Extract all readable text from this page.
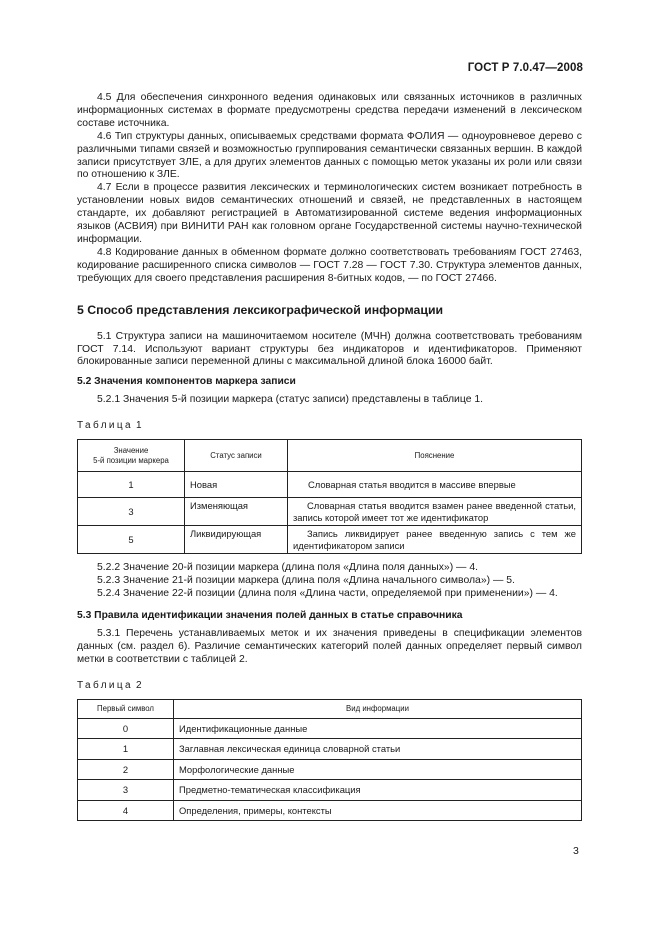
ГОСТ Р 7.0.47—2008

4.5 Для обеспечения синхронного ведения одинаковых или связанных источников в различных информационных системах в формате предусмотрены средства передачи изменений в лексическом составе источника.

4.6 Тип структуры данных, описываемых средствами формата ФОЛИЯ — одноуровневое дерево с различными типами связей и возможностью группирования семантически связанных вершин. В каждой записи присутствует ЗЛЕ, а для других элементов данных с помощью меток указаны их роли или связи по отношению к ЗЛЕ.

4.7 Если в процессе развития лексических и терминологических систем возникает потребность в установлении новых видов семантических отношений и связей, не представленных в настоящем стандарте, их добавляют регистрацией в Автоматизированной системе ведения информационных языков (АСВИЯ) при ВИНИТИ РАН как головном органе Государственной системы научно-технической информации.

4.8 Кодирование данных в обменном формате должно соответствовать требованиям ГОСТ 27463, кодирование расширенного списка символов — ГОСТ 7.28 — ГОСТ 7.30. Структура элементов данных, требующих для своего представления расширения 8-битных кодов, — по ГОСТ 27466.

5 Способ представления лексикографической информации

5.1 Структура записи на машиночитаемом носителе (МЧН) должна соответствовать требованиям ГОСТ 7.14. Используют вариант структуры без индикаторов и идентификаторов. Применяют блокированные записи переменной длины с максимальной длиной блока 16000 байт.

5.2 Значения компонентов маркера записи

5.2.1 Значения 5-й позиции маркера (статус записи) представлены в таблице 1.

Таблица 1
Значение
5-й позиции маркера	Статус записи	Пояснение
1	Новая	Словарная статья вводится в массиве впервые
3	Изменяющая	Словарная статья вводится взамен ранее введенной статьи, запись которой имеет тот же идентификатор
5	Ликвидирующая	Запись ликвидирует ранее введенную запись с тем же идентификатором записи

5.2.2 Значение 20-й позиции маркера (длина поля «Длина поля данных») — 4.

5.2.3 Значение 21-й позиции маркера (длина поля «Длина начального символа») — 5.

5.2.4 Значение 22-й позиции (длина поля «Длина части, определяемой при применении») — 4.

5.3 Правила идентификации значения полей данных в статье справочника

5.3.1 Перечень устанавливаемых меток и их значения приведены в спецификации элементов данных (см. раздел 6). Различие семантических категорий полей данных определяет первый символ метки в соответствии с таблицей 2.

Таблица 2
Первый символ	Вид информации
0	Идентификационные данные
1	Заглавная лексическая единица словарной статьи
2	Морфологические данные
3	Предметно-тематическая классификация
4	Определения, примеры, контексты
3
